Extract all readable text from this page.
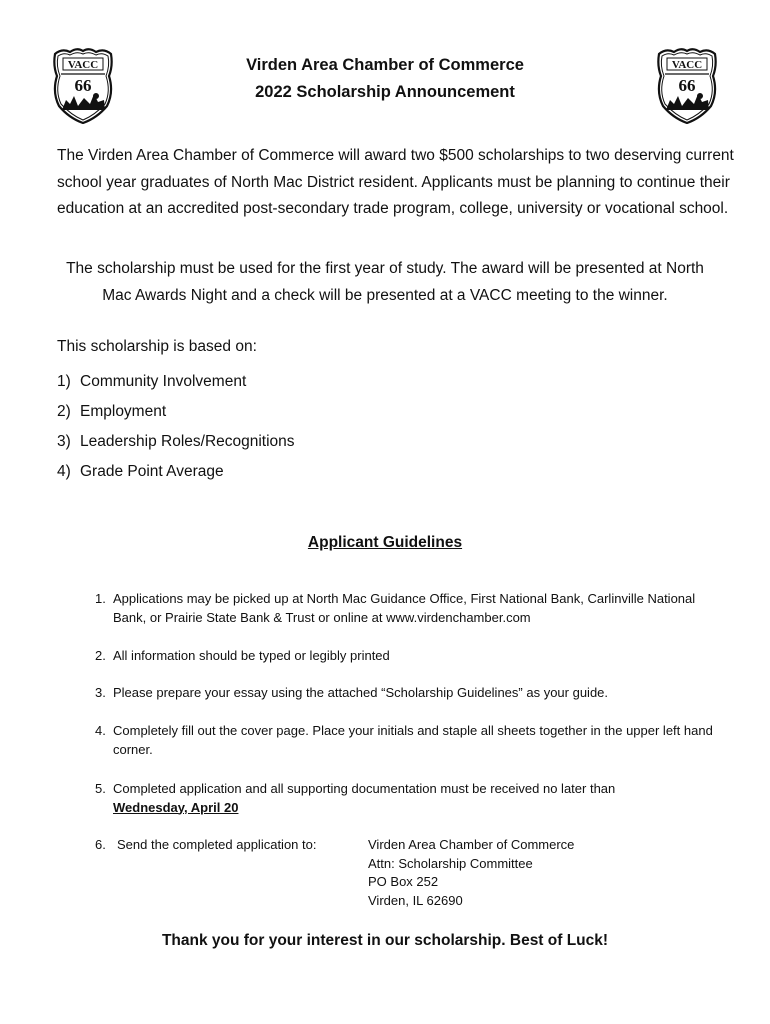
VACC
66
Virden Area Chamber of Commerce
2022 Scholarship Announcement
VACC
66
The Virden Area Chamber of Commerce will award two $500 scholarships to two deserving current school year graduates of North Mac District resident. Applicants must be planning to continue their education at an accredited post-secondary trade program, college, university or vocational school.
The scholarship must be used for the first year of study. The award will be presented at North Mac Awards Night and a check will be presented at a VACC meeting to the winner.
This scholarship is based on:
1) Community Involvement
2) Employment
3) Leadership Roles/Recognitions
4) Grade Point Average
Applicant Guidelines
1. Applications may be picked up at North Mac Guidance Office, First National Bank, Carlinville National Bank, or Prairie State Bank & Trust or online at www.virdenchamber.com
2. All information should be typed or legibly printed
3. Please prepare your essay using the attached “Scholarship Guidelines” as your guide.
4. Completely fill out the cover page. Place your initials and staple all sheets together in the upper left hand corner.
5. Completed application and all supporting documentation must be received no later than
Wednesday, April 20
6. Send the completed application to:	Virden Area Chamber of Commerce
Attn: Scholarship Committee
PO Box 252
Virden, IL 62690
Thank you for your interest in our scholarship. Best of Luck!
